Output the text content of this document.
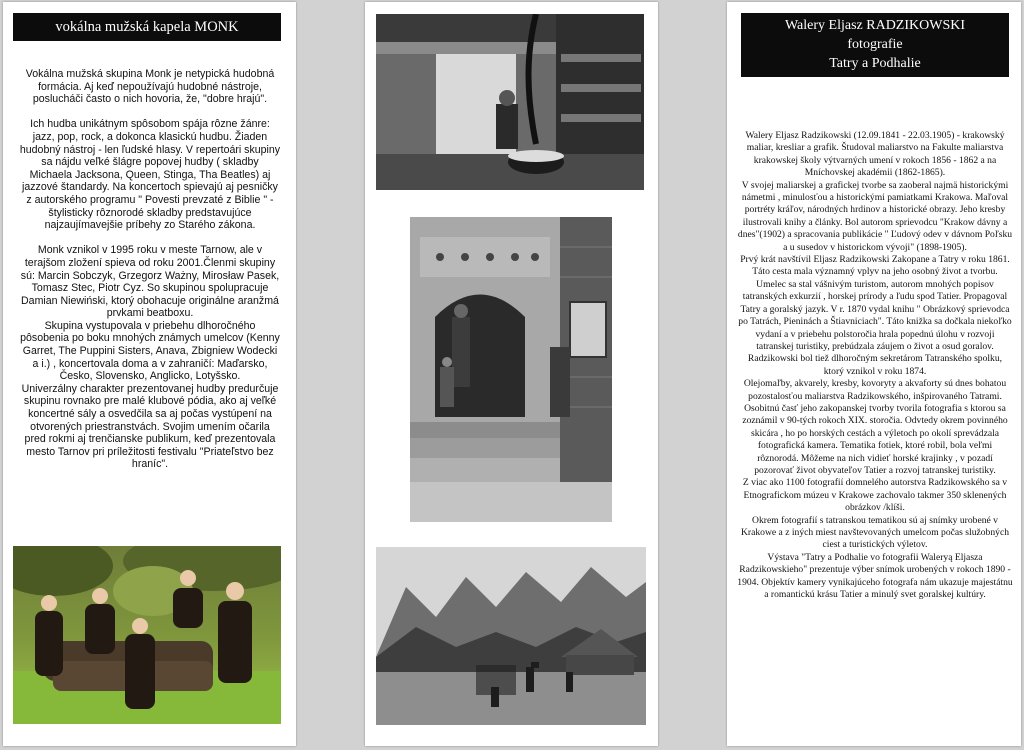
vokálna mužská kapela MONK

Vokálna mužská skupina Monk je netypická hudobná formácia. Aj keď nepoužívajú hudobné nástroje, poslucháči často o nich hovoria, že, "dobre hrajú".

Ich hudba unikátnym spôsobom spája rôzne žánre: jazz, pop, rock, a dokonca klasickú hudbu. Žiaden hudobný nástroj - len ľudské hlasy. V repertoári skupiny sa nájdu veľké šlágre popovej hudby ( skladby Michaela Jacksona, Queen, Stinga, Tha Beatles) aj jazzové štandardy. Na koncertoch spievajú aj pesničky z autorského programu " Povesti prevzaté z Biblie " - štylisticky rôznorodé skladby predstavujúce najzaujímavejšie príbehy zo Starého zákona.

Monk vznikol v 1995 roku v meste Tarnow, ale v terajšom zložení spieva od roku 2001.Členmi skupiny sú: Marcin Sobczyk, Grzegorz Ważny, Mirosław Pasek, Tomasz Stec, Piotr Cyz. So skupinou spolupracuje Damian Niewiński, ktorý obohacuje originálne aranžmá prvkami beatboxu.

Skupina vystupovala v priebehu dlhoročného pôsobenia po boku mnohých známych umelcov (Kenny Garret, The Puppini Sisters, Anava, Zbigniew Wodecki a i.) , koncertovala doma a v zahraničí: Maďarsko, Česko, Slovensko, Anglicko, Lotyšsko.

Univerzálny charakter prezentovanej hudby predurčuje skupinu rovnako pre malé klubové pódia, ako aj veľké koncertné sály a osvedčila sa aj počas vystúpení na otvorených priestranstvách. Svojim umením očarila pred rokmi aj trenčianske publikum, keď prezentovala mesto Tarnov pri príležitosti festivalu "Priateľstvo bez hraníc".

Walery Eljasz RADZIKOWSKI
fotografie
Tatry a Podhalie

Walery Eljasz Radzikowski (12.09.1841 - 22.03.1905) - krakowský maliar, kresliar a grafik. Študoval maliarstvo na Fakulte maliarstva krakowskej školy výtvarných umení v rokoch 1856 - 1862 a na Mníchovskej akadémii (1862-1865).

V svojej maliarskej a grafickej tvorbe sa zaoberal najmä historickými námetmi , minulosťou a historickými pamiatkami Krakowa. Maľoval portréty kráľov, národných hrdinov a historické obrazy. Jeho kresby ilustrovali knihy a články. Bol autorom sprievodcu "Krakow dávny a dnes"(1902) a spracovania publikácie " Ľudový odev v dávnom Poľsku a u susedov v historickom vývoji" (1898-1905).

Prvý krát navštívil Eljasz Radzikowski Zakopane a Tatry v roku 1861. Táto cesta mala významný vplyv na jeho osobný život a tvorbu. Umelec sa stal vášnivým turistom, autorom mnohých popisov tatranských exkurzií , horskej prírody a ľudu spod Tatier. Propagoval Tatry a goralský jazyk. V r. 1870 vydal knihu " Obrázkový sprievodca po Tatrách, Pieninách a Štiavniciach". Táto knižka sa dočkala niekoľko vydaní a v priebehu polstoročia hrala popednú úlohu v rozvoji tatranskej turistiky, prebúdzala záujem o život a osud goralov. Radzikowski bol tiež dlhoročným sekretárom Tatranského spolku, ktorý vznikol v roku 1874.

Olejomaľby, akvarely, kresby, kovoryty a akvaforty sú dnes bohatou pozostalosťou maliarstva Radzikowského, inšpirovaného Tatrami. Osobitnú časť jeho zakopanskej tvorby tvorila fotografia s ktorou sa zoznámil v 90-tých rokoch XIX. storočia. Odvtedy okrem povinného skicára , ho po horských cestách a výletoch po okolí sprevádzala fotografická kamera. Tematika fotiek, ktoré robil, bola veľmi rôznorodá. Môžeme na nich vidieť horské krajinky , v pozadí pozorovať život obyvateľov Tatier a rozvoj tatranskej turistiky.

Z viac ako 1100 fotografií domnelého autorstva Radzikowského sa v Etnografickom múzeu v Krakowe zachovalo takmer 350 sklenených obrázkov /klíši.

Okrem fotografií s tatranskou tematikou sú aj snímky urobené v Krakowe a z iných miest navštevovaných umelcom počas služobných ciest a turistických výletov.

Výstava "Tatry a Podhalie vo fotografii Waleryą Eljasza Radzikowskieho" prezentuje výber snímok urobených v rokoch 1890 - 1904. Objektív kamery vynikajúceho fotografa nám ukazuje majestátnu a romantickú krásu Tatier a minulý svet goralskej kultúry.
